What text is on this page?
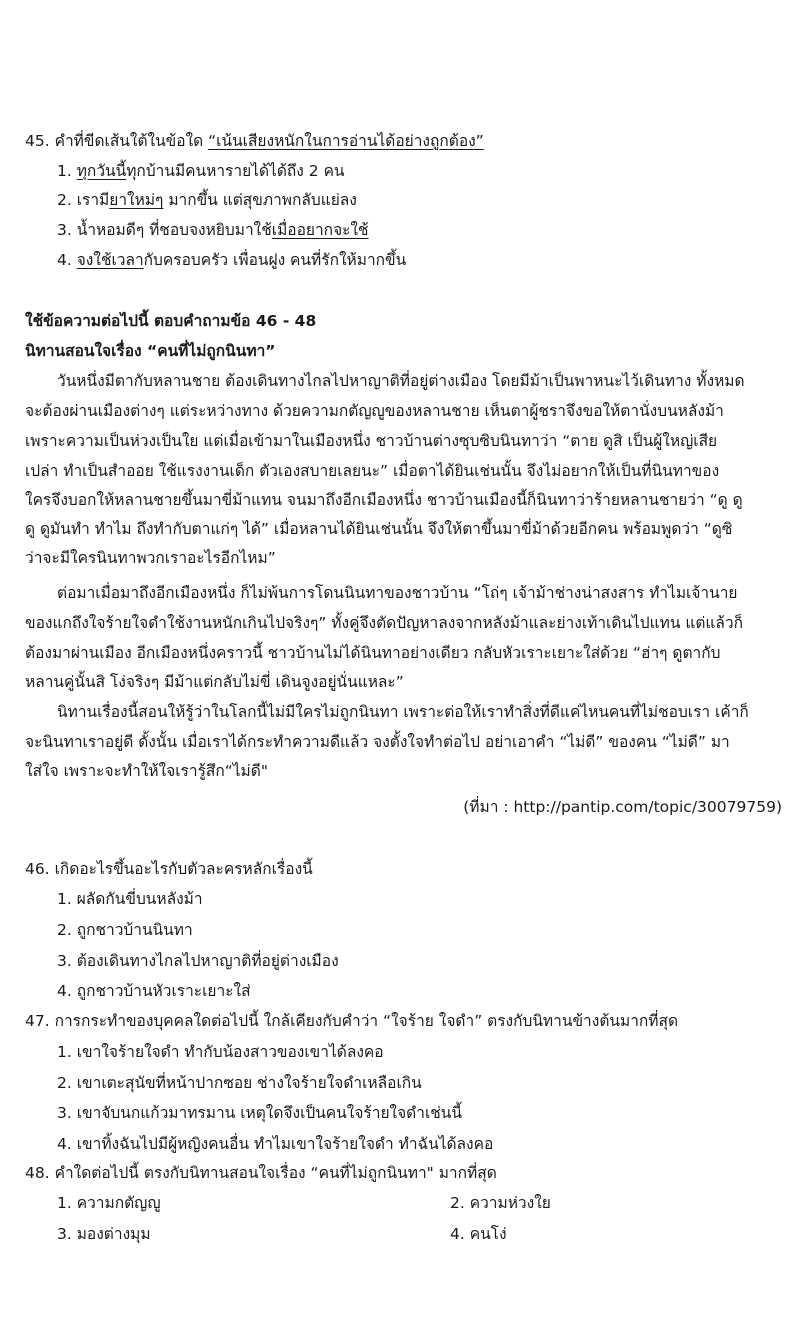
45. คำที่ขีดเส้นใต้ในข้อใด “เน้นเสียงหนักในการอ่านได้อย่างถูกต้อง”
1. ทุกวันนี้ทุกบ้านมีคนหารายได้ได้ถึง 2 คน
2. เรามียาใหม่ๆ มากขึ้น แต่สุขภาพกลับแย่ลง
3. น้ำหอมดีๆ ที่ชอบจงหยิบมาใช้เมื่ออยากจะใช้
4. จงใช้เวลากับครอบครัว เพื่อนฝูง คนที่รักให้มากขึ้น
ใช้ข้อความต่อไปนี้ ตอบคำถามข้อ 46 - 48
นิทานสอนใจเรื่อง “คนที่ไม่ถูกนินทา”
วันหนึ่งมีตากับหลานชาย ต้องเดินทางไกลไปหาญาติที่อยู่ต่างเมือง โดยมีม้าเป็นพาหนะไว้เดินทาง ทั้งหมด
จะต้องผ่านเมืองต่างๆ แต่ระหว่างทาง ด้วยความกตัญญูของหลานชาย เห็นตาผู้ชราจึงขอให้ตานั่งบนหลังม้า
เพราะความเป็นห่วงเป็นใย แต่เมื่อเข้ามาในเมืองหนึ่ง ชาวบ้านต่างซุบซิบนินทาว่า “ตาย ดูสิ เป็นผู้ใหญ่เสีย
เปล่า ทำเป็นสำออย ใช้แรงงานเด็ก ตัวเองสบายเลยนะ” เมื่อตาได้ยินเช่นนั้น จึงไม่อยากให้เป็นที่นินทาของ
ใครจึงบอกให้หลานชายขึ้นมาขี่ม้าแทน จนมาถึงอีกเมืองหนึ่ง ชาวบ้านเมืองนี้ก็นินทาว่าร้ายหลานชายว่า “ดู ดู
ดู ดูมันทำ ทำไม ถึงทำกับตาแก่ๆ ได้” เมื่อหลานได้ยินเช่นนั้น จึงให้ตาขึ้นมาขี่ม้าด้วยอีกคน พร้อมพูดว่า “ดูซิ
ว่าจะมีใครนินทาพวกเราอะไรอีกไหม”
ต่อมาเมื่อมาถึงอีกเมืองหนึ่ง ก็ไม่พ้นการโดนนินทาของชาวบ้าน “โถ่ๆ เจ้าม้าช่างน่าสงสาร ทำไมเจ้านาย
ของแกถึงใจร้ายใจดำใช้งานหนักเกินไปจริงๆ” ทั้งคู่จึงตัดปัญหาลงจากหลังม้าและย่างเท้าเดินไปแทน แต่แล้วก็
ต้องมาผ่านเมือง อีกเมืองหนึ่งคราวนี้ ชาวบ้านไม่ได้นินทาอย่างเดียว กลับหัวเราะเยาะใส่ด้วย “ฮ่าๆ ดูตากับ
หลานคู่นั้นสิ โง่จริงๆ มีม้าแต่กลับไม่ขี่ เดินจูงอยู่นั่นแหละ”
นิทานเรื่องนี้สอนให้รู้ว่าในโลกนี้ไม่มีใครไม่ถูกนินทา เพราะต่อให้เราทำสิ่งที่ดีแค่ไหนคนที่ไม่ชอบเรา เค้าก็
จะนินทาเราอยู่ดี ดั้งนั้น เมื่อเราได้กระทำความดีแล้ว จงตั้งใจทำต่อไป อย่าเอาคำ “ไม่ดี” ของคน “ไม่ดี” มา
ใส่ใจ เพราะจะทำให้ใจเรารู้สึก“ไม่ดี"
(ที่มา : http://pantip.com/topic/30079759)
46. เกิดอะไรขึ้นอะไรกับตัวละครหลักเรื่องนี้
1. ผลัดกันขี่บนหลังม้า
2. ถูกชาวบ้านนินทา
3. ต้องเดินทางไกลไปหาญาติที่อยู่ต่างเมือง
4. ถูกชาวบ้านหัวเราะเยาะใส่
47. การกระทำของบุคคลใดต่อไปนี้ ใกล้เคียงกับคำว่า “ใจร้าย ใจดำ” ตรงกับนิทานข้างต้นมากที่สุด
1. เขาใจร้ายใจดำ ทำกับน้องสาวของเขาได้ลงคอ
2. เขาเตะสุนัขที่หน้าปากซอย ช่างใจร้ายใจดำเหลือเกิน
3. เขาจับนกแก้วมาทรมาน เหตุใดจึงเป็นคนใจร้ายใจดำเช่นนี้
4. เขาทิ้งฉันไปมีผู้หญิงคนอื่น ทำไมเขาใจร้ายใจดำ ทำฉันได้ลงคอ
48. คำใดต่อไปนี้ ตรงกับนิทานสอนใจเรื่อง “คนที่ไม่ถูกนินทา" มากที่สุด
1. ความกตัญญู	2. ความห่วงใย
3. มองต่างมุม	4. คนโง่
